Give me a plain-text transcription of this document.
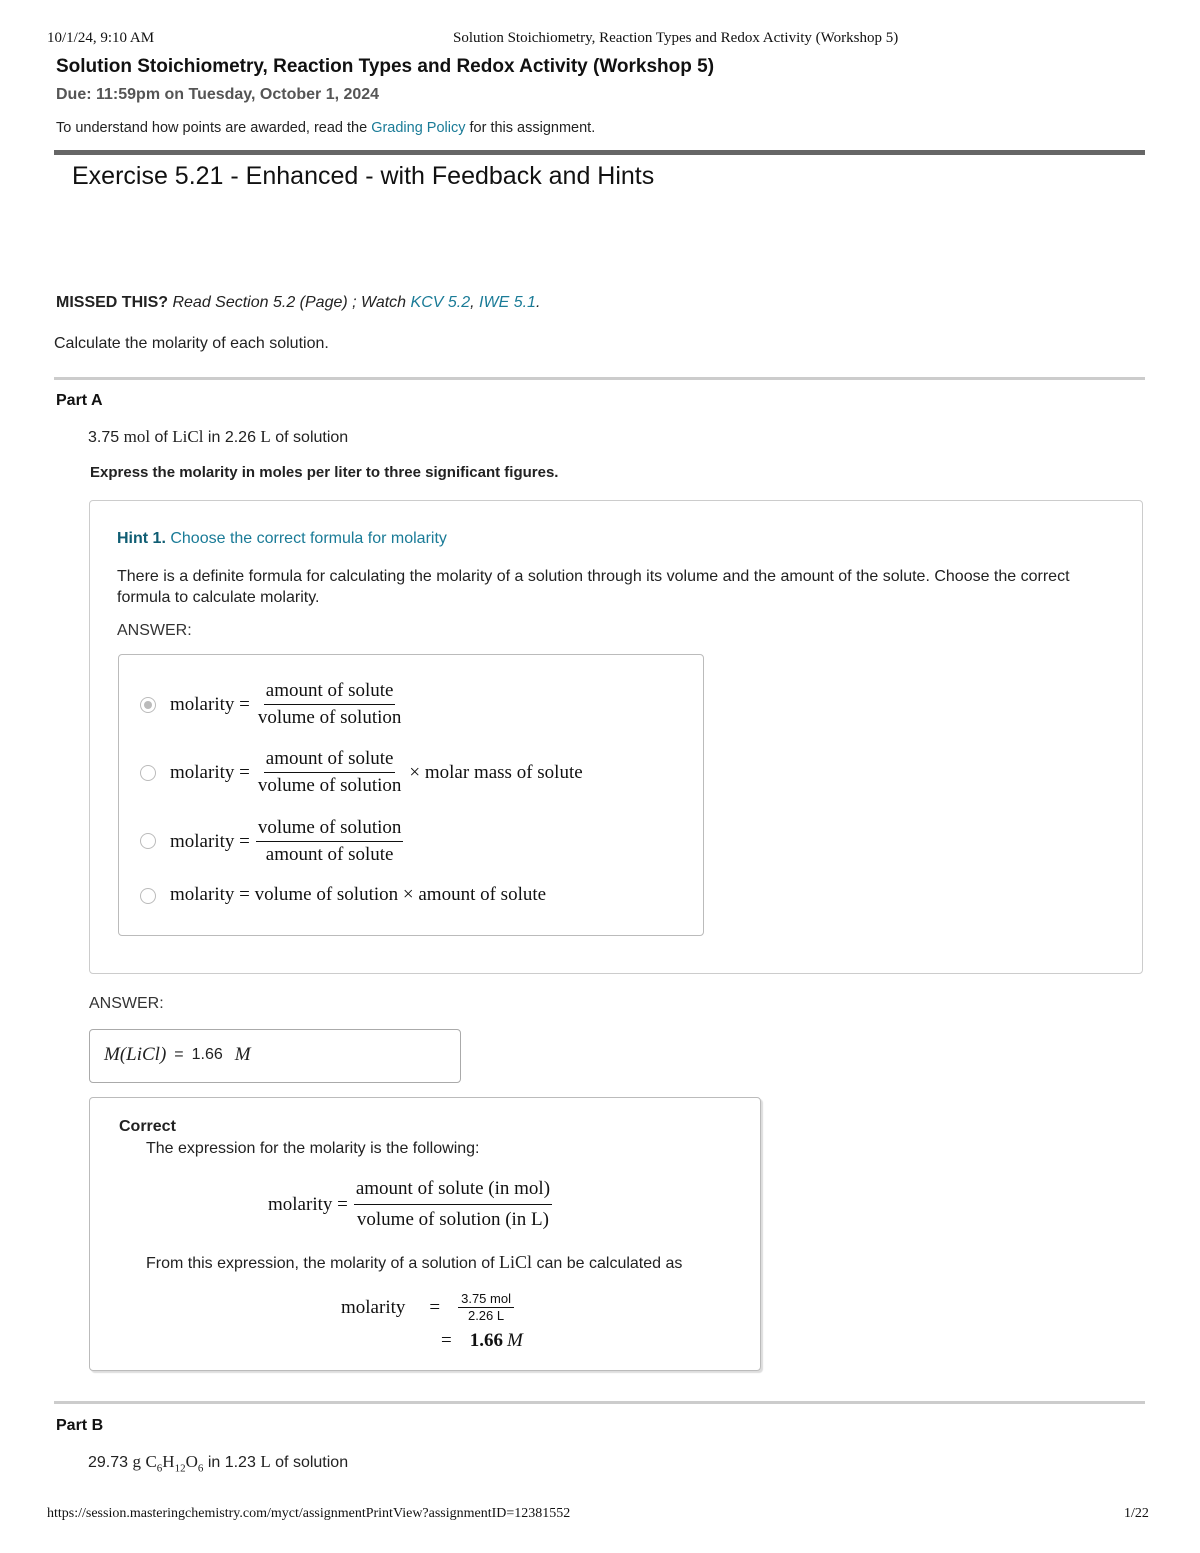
10/1/24, 9:10 AM	Solution Stoichiometry, Reaction Types and Redox Activity (Workshop 5)
Solution Stoichiometry, Reaction Types and Redox Activity (Workshop 5)
Due: 11:59pm on Tuesday, October 1, 2024
To understand how points are awarded, read the Grading Policy for this assignment.
Exercise 5.21 - Enhanced - with Feedback and Hints
MISSED THIS? Read Section 5.2 (Page) ; Watch KCV 5.2, IWE 5.1.
Calculate the molarity of each solution.
Part A
3.75 mol of LiCl in 2.26 L of solution
Express the molarity in moles per liter to three significant figures.
Hint 1. Choose the correct formula for molarity
There is a definite formula for calculating the molarity of a solution through its volume and the amount of the solute. Choose the correct formula to calculate molarity.
ANSWER:
molarity = $\frac{\text{amount of solute}}{\text{volume of solution}}$
molarity = $\frac{\text{amount of solute}}{\text{volume of solution}}$ × molar mass of solute
molarity = $\frac{\text{volume of solution}}{\text{amount of solute}}$
molarity = volume of solution × amount of solute
ANSWER:
M(LiCl) = 1.66 M
Correct
The expression for the molarity is the following:
molarity = $\frac{\text{amount of solute (in mol)}}{\text{volume of solution (in L)}}$
From this expression, the molarity of a solution of LiCl can be calculated as
molarity = $\frac{\text{3.75 mol}}{2.26 L}$
= 1.66 M
Part B
29.73 g $C_6H_{12}O_6$ in 1.23 L of solution
https://session.masteringchemistry.com/myct/assignmentPrintView?assignmentID=12381552	1/22
